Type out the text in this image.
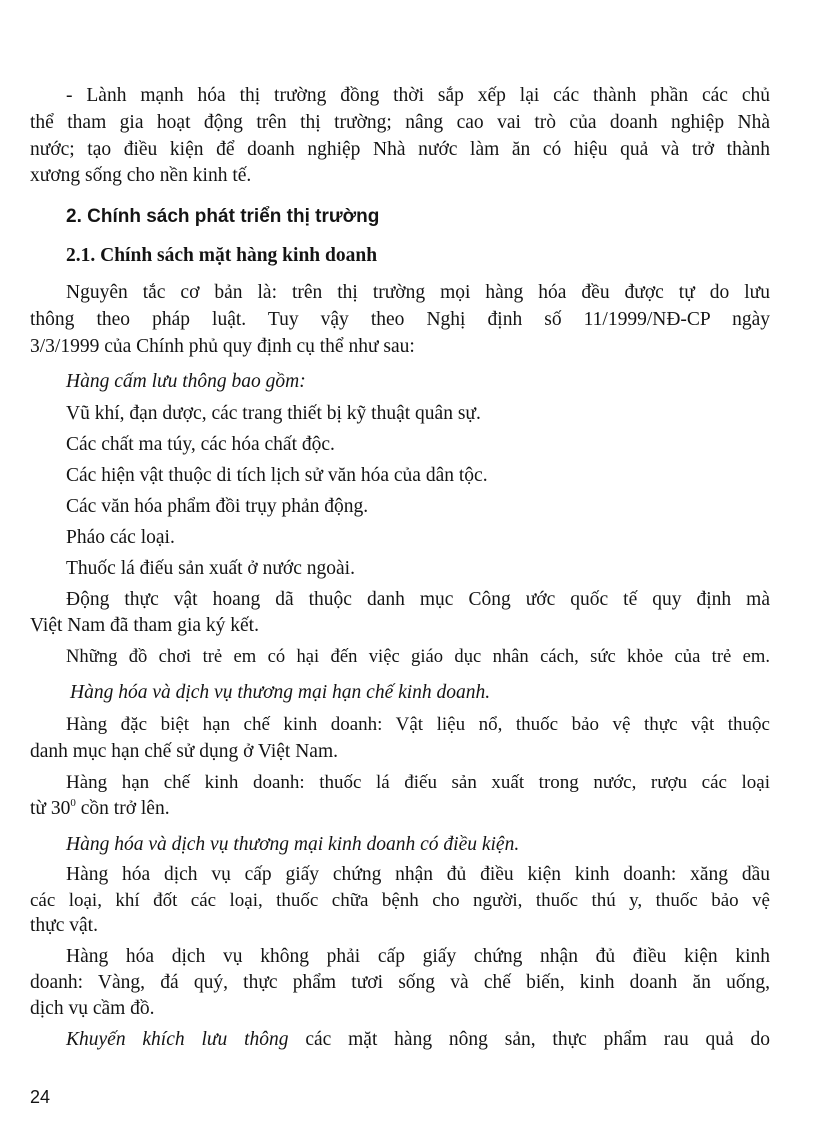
- Lành mạnh hóa thị trường đồng thời sắp xếp lại các thành phần các chủ

thể tham gia hoạt động trên thị trường; nâng cao vai trò của doanh nghiệp Nhà

nước; tạo điều kiện để doanh nghiệp Nhà nước làm ăn có hiệu quả và trở thành

xương sống cho nền kinh tế.

2. Chính sách phát triển thị trường

2.1. Chính sách mặt hàng kinh doanh

Nguyên tắc cơ bản là: trên thị trường mọi hàng hóa đều được tự do lưu

thông theo pháp luật. Tuy vậy theo Nghị định số 11/1999/NĐ-CP ngày

3/3/1999 của Chính phủ quy định cụ thể như sau:

Hàng cấm lưu thông bao gồm:

Vũ khí, đạn dược, các trang thiết bị kỹ thuật quân sự.

Các chất ma túy, các hóa chất độc.

Các hiện vật thuộc di tích lịch sử văn hóa của dân tộc.

Các văn hóa phẩm đồi trụy phản động.

Pháo các loại.

Thuốc lá điếu sản xuất ở nước ngoài.

Động thực vật hoang dã thuộc danh mục Công ước quốc tế quy định mà

Việt Nam đã tham gia ký kết.

Những đồ chơi trẻ em có hại đến việc giáo dục nhân cách, sức khỏe của trẻ em.

Hàng hóa và dịch vụ thương mại hạn chế kinh doanh.

Hàng đặc biệt hạn chế kinh doanh: Vật liệu nổ, thuốc bảo vệ thực vật thuộc

danh mục hạn chế sử dụng ở Việt Nam.

Hàng hạn chế kinh doanh: thuốc lá điếu sản xuất trong nước, rượu các loại

từ $30^0$ cồn trở lên.

Hàng hóa và dịch vụ thương mại kinh doanh có điều kiện.

Hàng hóa dịch vụ cấp giấy chứng nhận đủ điều kiện kinh doanh: xăng dầu

các loại, khí đốt các loại, thuốc chữa bệnh cho người, thuốc thú y, thuốc bảo vệ

thực vật.

Hàng hóa dịch vụ không phải cấp giấy chứng nhận đủ điều kiện kinh

doanh: Vàng, đá quý, thực phẩm tươi sống và chế biến, kinh doanh ăn uống,

dịch vụ cầm đồ.

Khuyến khích lưu thông các mặt hàng nông sản, thực phẩm rau quả do

24
